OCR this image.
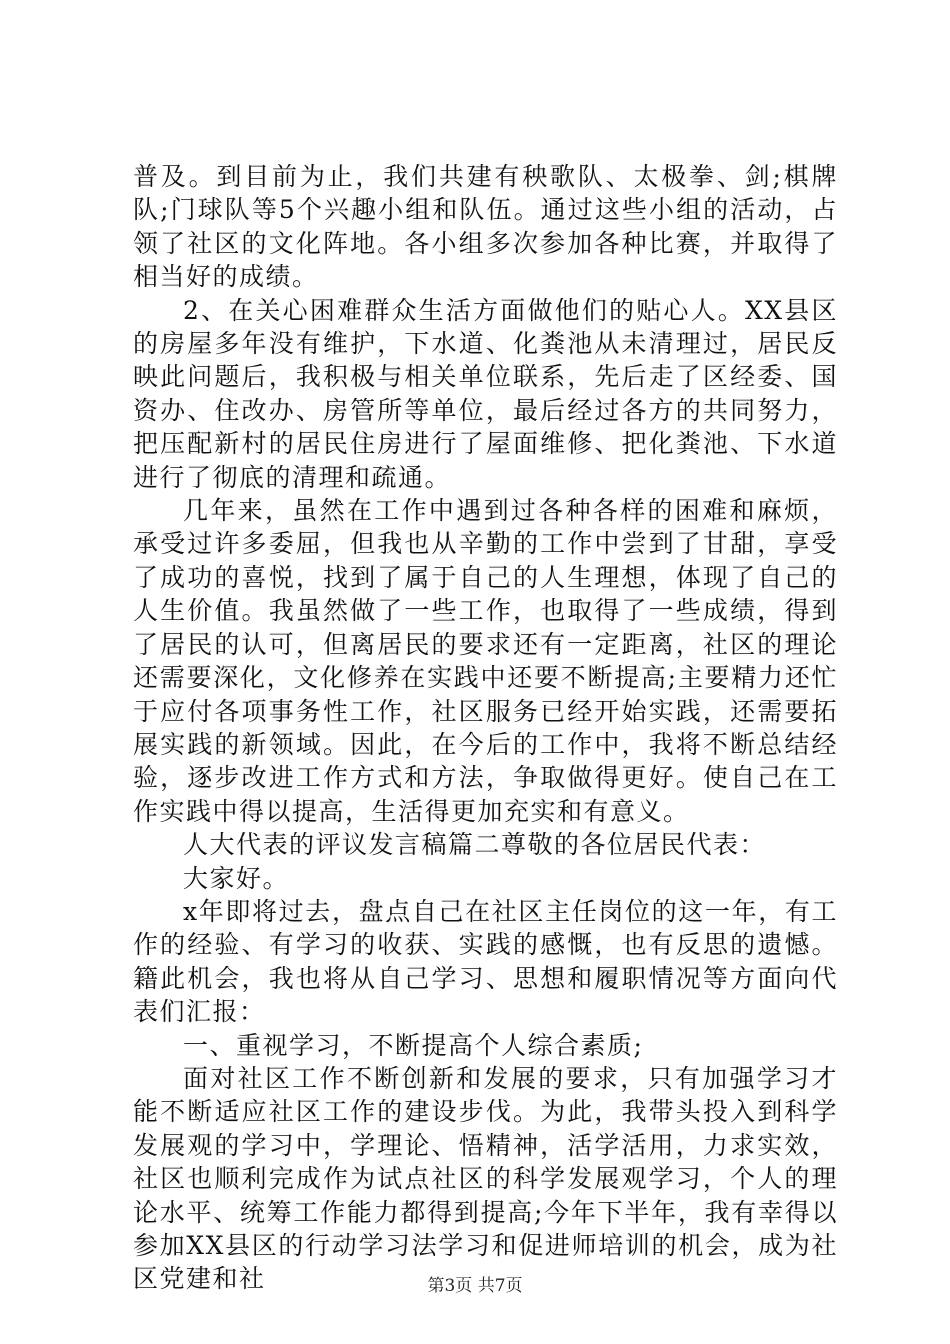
普及。到目前为止，我们共建有秧歌队、太极拳、剑;棋牌队;门球队等5个兴趣小组和队伍。通过这些小组的活动，占领了社区的文化阵地。各小组多次参加各种比赛，并取得了相当好的成绩。

2、在关心困难群众生活方面做他们的贴心人。XX县区的房屋多年没有维护，下水道、化粪池从未清理过，居民反映此问题后，我积极与相关单位联系，先后走了区经委、国资办、住改办、房管所等单位，最后经过各方的共同努力，把压配新村的居民住房进行了屋面维修、把化粪池、下水道进行了彻底的清理和疏通。

几年来，虽然在工作中遇到过各种各样的困难和麻烦，承受过许多委屈，但我也从辛勤的工作中尝到了甘甜，享受了成功的喜悦，找到了属于自己的人生理想，体现了自己的人生价值。我虽然做了一些工作，也取得了一些成绩，得到了居民的认可，但离居民的要求还有一定距离，社区的理论还需要深化，文化修养在实践中还要不断提高;主要精力还忙于应付各项事务性工作，社区服务已经开始实践，还需要拓展实践的新领域。因此，在今后的工作中，我将不断总结经验，逐步改进工作方式和方法，争取做得更好。使自己在工作实践中得以提高，生活得更加充实和有意义。

人大代表的评议发言稿篇二尊敬的各位居民代表：

大家好。

x年即将过去，盘点自己在社区主任岗位的这一年，有工作的经验、有学习的收获、实践的感慨，也有反思的遗憾。籍此机会，我也将从自己学习、思想和履职情况等方面向代表们汇报：

一、重视学习，不断提高个人综合素质;

面对社区工作不断创新和发展的要求，只有加强学习才能不断适应社区工作的建设步伐。为此，我带头投入到科学发展观的学习中，学理论、悟精神，活学活用，力求实效，社区也顺利完成作为试点社区的科学发展观学习，个人的理论水平、统筹工作能力都得到提高;今年下半年，我有幸得以参加XX县区的行动学习法学习和促进师培训的机会，成为社区党建和社	第3页 共7页
